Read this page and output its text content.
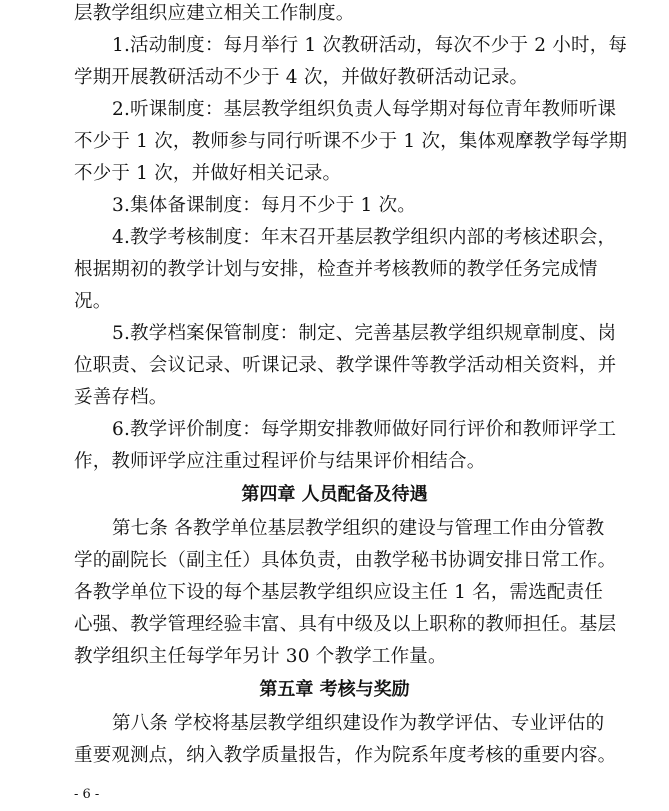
层教学组织应建立相关工作制度。
1.活动制度：每月举行 1 次教研活动，每次不少于 2 小时，每
学期开展教研活动不少于 4 次，并做好教研活动记录。
2.听课制度：基层教学组织负责人每学期对每位青年教师听课
不少于 1 次，教师参与同行听课不少于 1 次，集体观摩教学每学期
不少于 1 次，并做好相关记录。
3.集体备课制度：每月不少于 1 次。
4.教学考核制度：年末召开基层教学组织内部的考核述职会，
根据期初的教学计划与安排，检查并考核教师的教学任务完成情
况。
5.教学档案保管制度：制定、完善基层教学组织规章制度、岗
位职责、会议记录、听课记录、教学课件等教学活动相关资料，并
妥善存档。
6.教学评价制度：每学期安排教师做好同行评价和教师评学工
作，教师评学应注重过程评价与结果评价相结合。
第四章 人员配备及待遇
第七条 各教学单位基层教学组织的建设与管理工作由分管教
学的副院长（副主任）具体负责，由教学秘书协调安排日常工作。
各教学单位下设的每个基层教学组织应设主任 1 名，需选配责任
心强、教学管理经验丰富、具有中级及以上职称的教师担任。基层
教学组织主任每学年另计 30 个教学工作量。
第五章 考核与奖励
第八条 学校将基层教学组织建设作为教学评估、专业评估的
重要观测点，纳入教学质量报告，作为院系年度考核的重要内容。
- 6 -
